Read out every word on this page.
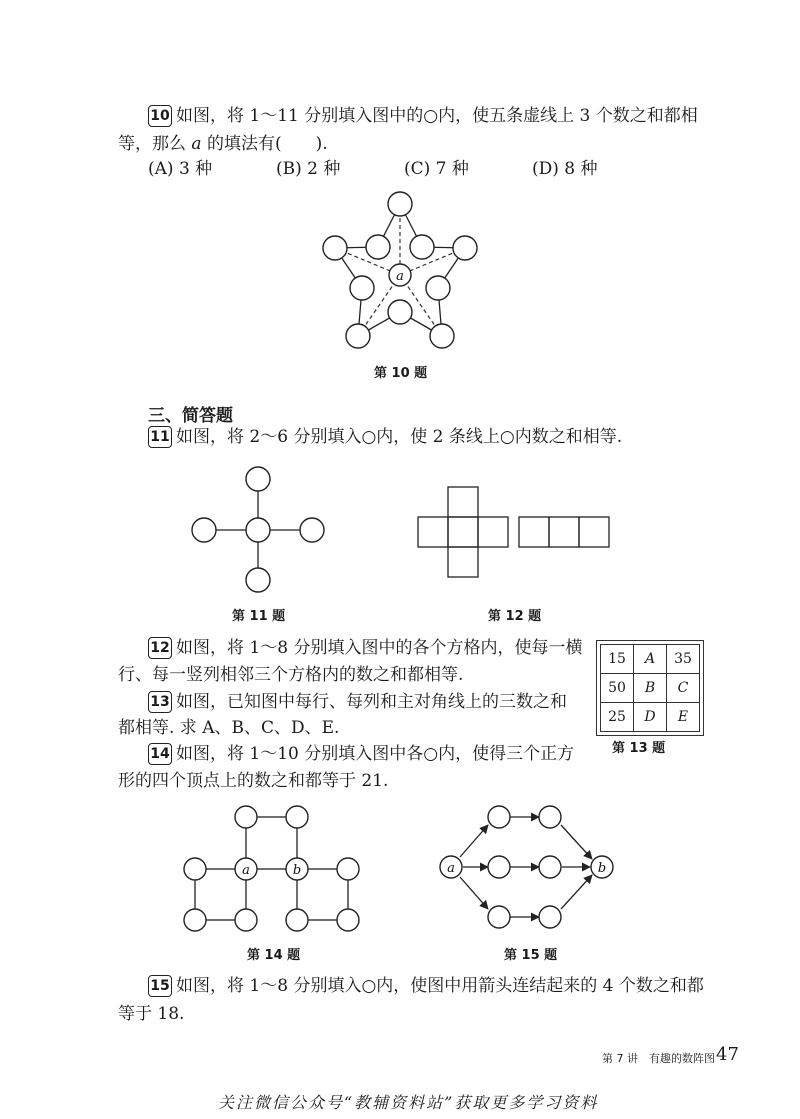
10 如图，将 1～11 分别填入图中的○内，使五条虚线上 3 个数之和都相
等，那么 a 的填法有(　　).
(A) 3 种	(B) 2 种	(C) 7 种	(D) 8 种
a
第 10 题
三、简答题
11 如图，将 2～6 分别填入○内，使 2 条线上○内数之和相等.
第 11 题	第 12 题
12 如图，将 1～8 分别填入图中的各个方格内，使每一横
行、每一竖列相邻三个方格内的数之和都相等.
13 如图，已知图中每行、每列和主对角线上的三数之和
都相等. 求 A、B、C、D、E.
15	A	35
50	B	C
25	D	E
第 13 题
14 如图，将 1～10 分别填入图中各○内，使得三个正方
形的四个顶点上的数之和都等于 21.
a	b
第 14 题
a	b
第 15 题
15 如图，将 1～8 分别填入○内，使图中用箭头连结起来的 4 个数之和都
等于 18.
第 7 讲　有趣的数阵图 47
关注微信公众号“教辅资料站”获取更多学习资料
